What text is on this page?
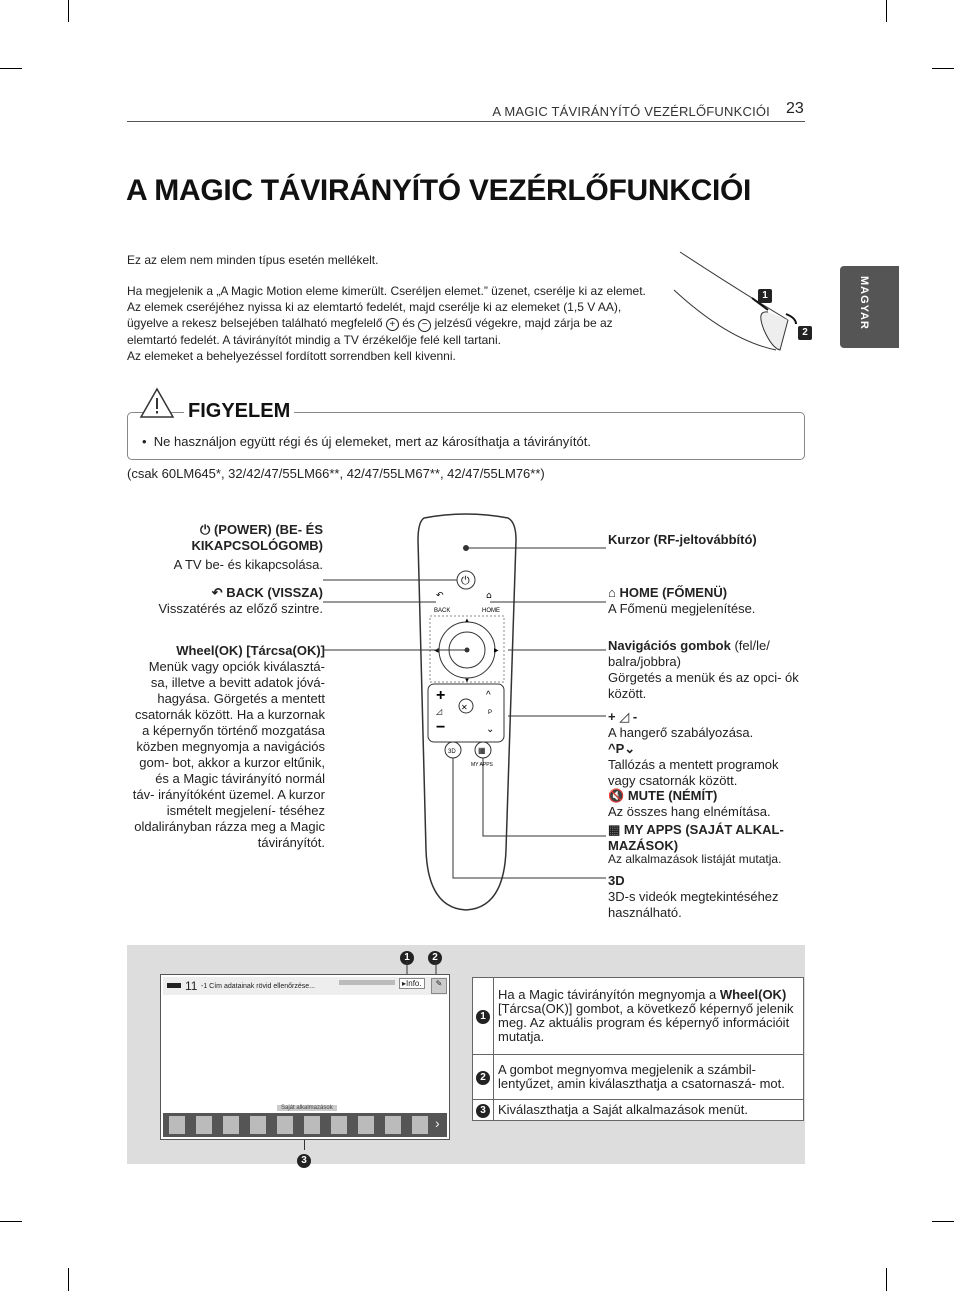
A MAGIC TÁVIRÁNYÍTÓ VEZÉRLŐFUNKCIÓI 23
MAGYAR
A MAGIC TÁVIRÁNYÍTÓ VEZÉRLŐFUNKCIÓI

Ez az elem nem minden típus esetén mellékelt.

Ha megjelenik a „A Magic Motion eleme kimerült. Cseréljen elemet.” üzenet, cserélje ki az elemet.

Az elemek cseréjéhez nyissa ki az elemtartó fedelét, majd cserélje ki az elemeket (1,5 V AA), ügyelve a rekesz belsejében található megfelelő + és − jelzésű végekre, majd zárja be az elemtartó fedelét. A távirányítót mindig a TV érzékelője felé kell tartani.

Az elemeket a behelyezéssel fordított sorrendben kell kivenni.

1
2
FIGYELEM
•  Ne használjon együtt régi és új elemeket, mert az károsíthatja a távirányítót.
(csak 60LM645*, 32/42/47/55LM66**, 42/47/55LM67**, 42/47/55LM76**)
⏻ (POWER) (BE- ÉS KIKAPCSOLÓGOMB)
A TV be- és kikapcsolása.
↶ BACK (VISSZA)
Visszatérés az előző szintre.
Wheel(OK) [Tárcsa(OK)]
Menük vagy opciók kiválasztá- sa, illetve a bevitt adatok jóvá- hagyása. Görgetés a mentett csatornák között. Ha a kurzornak a képernyőn történő mozgatása közben megnyomja a navigációs gom- bot, akkor a kurzor eltűnik, és a Magic távirányító normál táv- irányítóként üzemel. A kurzor ismételt megjelení- téséhez oldalirányban rázza meg a Magic távirányítót.
Kurzor (RF-jeltovábbító)
⌂ HOME (FŐMENÜ)
A Főmenü megjelenítése.
Navigációs gombok (fel/le/ balra/jobbra)
Görgetés a menük és az opci- ók között.
+ ◿ -
A hangerő szabályozása.
^P⌄
Tallózás a mentett programok vagy csatornák között.
🔇 MUTE (NÉMÍT)
Az összes hang elnémítása.
▦ MY APPS (SAJÁT ALKAL- MAZÁSOK)
Az alkalmazások listáját mutatja.
3D
3D-s videók megtekintéséhez használható.
⏻
↶
BACK
⌂
HOME
▲
▼
◀	▶
+
◿
−
✕
^
P
⌄
3D	▦
MY APPS
1	2
11 -1 Cím adatainak rövid ellenőrzése...	▸Info.	✎
Saját alkalmazások
›
3
1	Ha a Magic távirányítón megnyomja a Wheel(OK) [Tárcsa(OK)] gombot, a következő képernyő jelenik meg. Az aktuális program és képernyő információit mutatja.
2	A gombot megnyomva megjelenik a számbil- lentyűzet, amin kiválaszthatja a csatornaszá- mot.
3	Kiválaszthatja a Saját alkalmazások menüt.
